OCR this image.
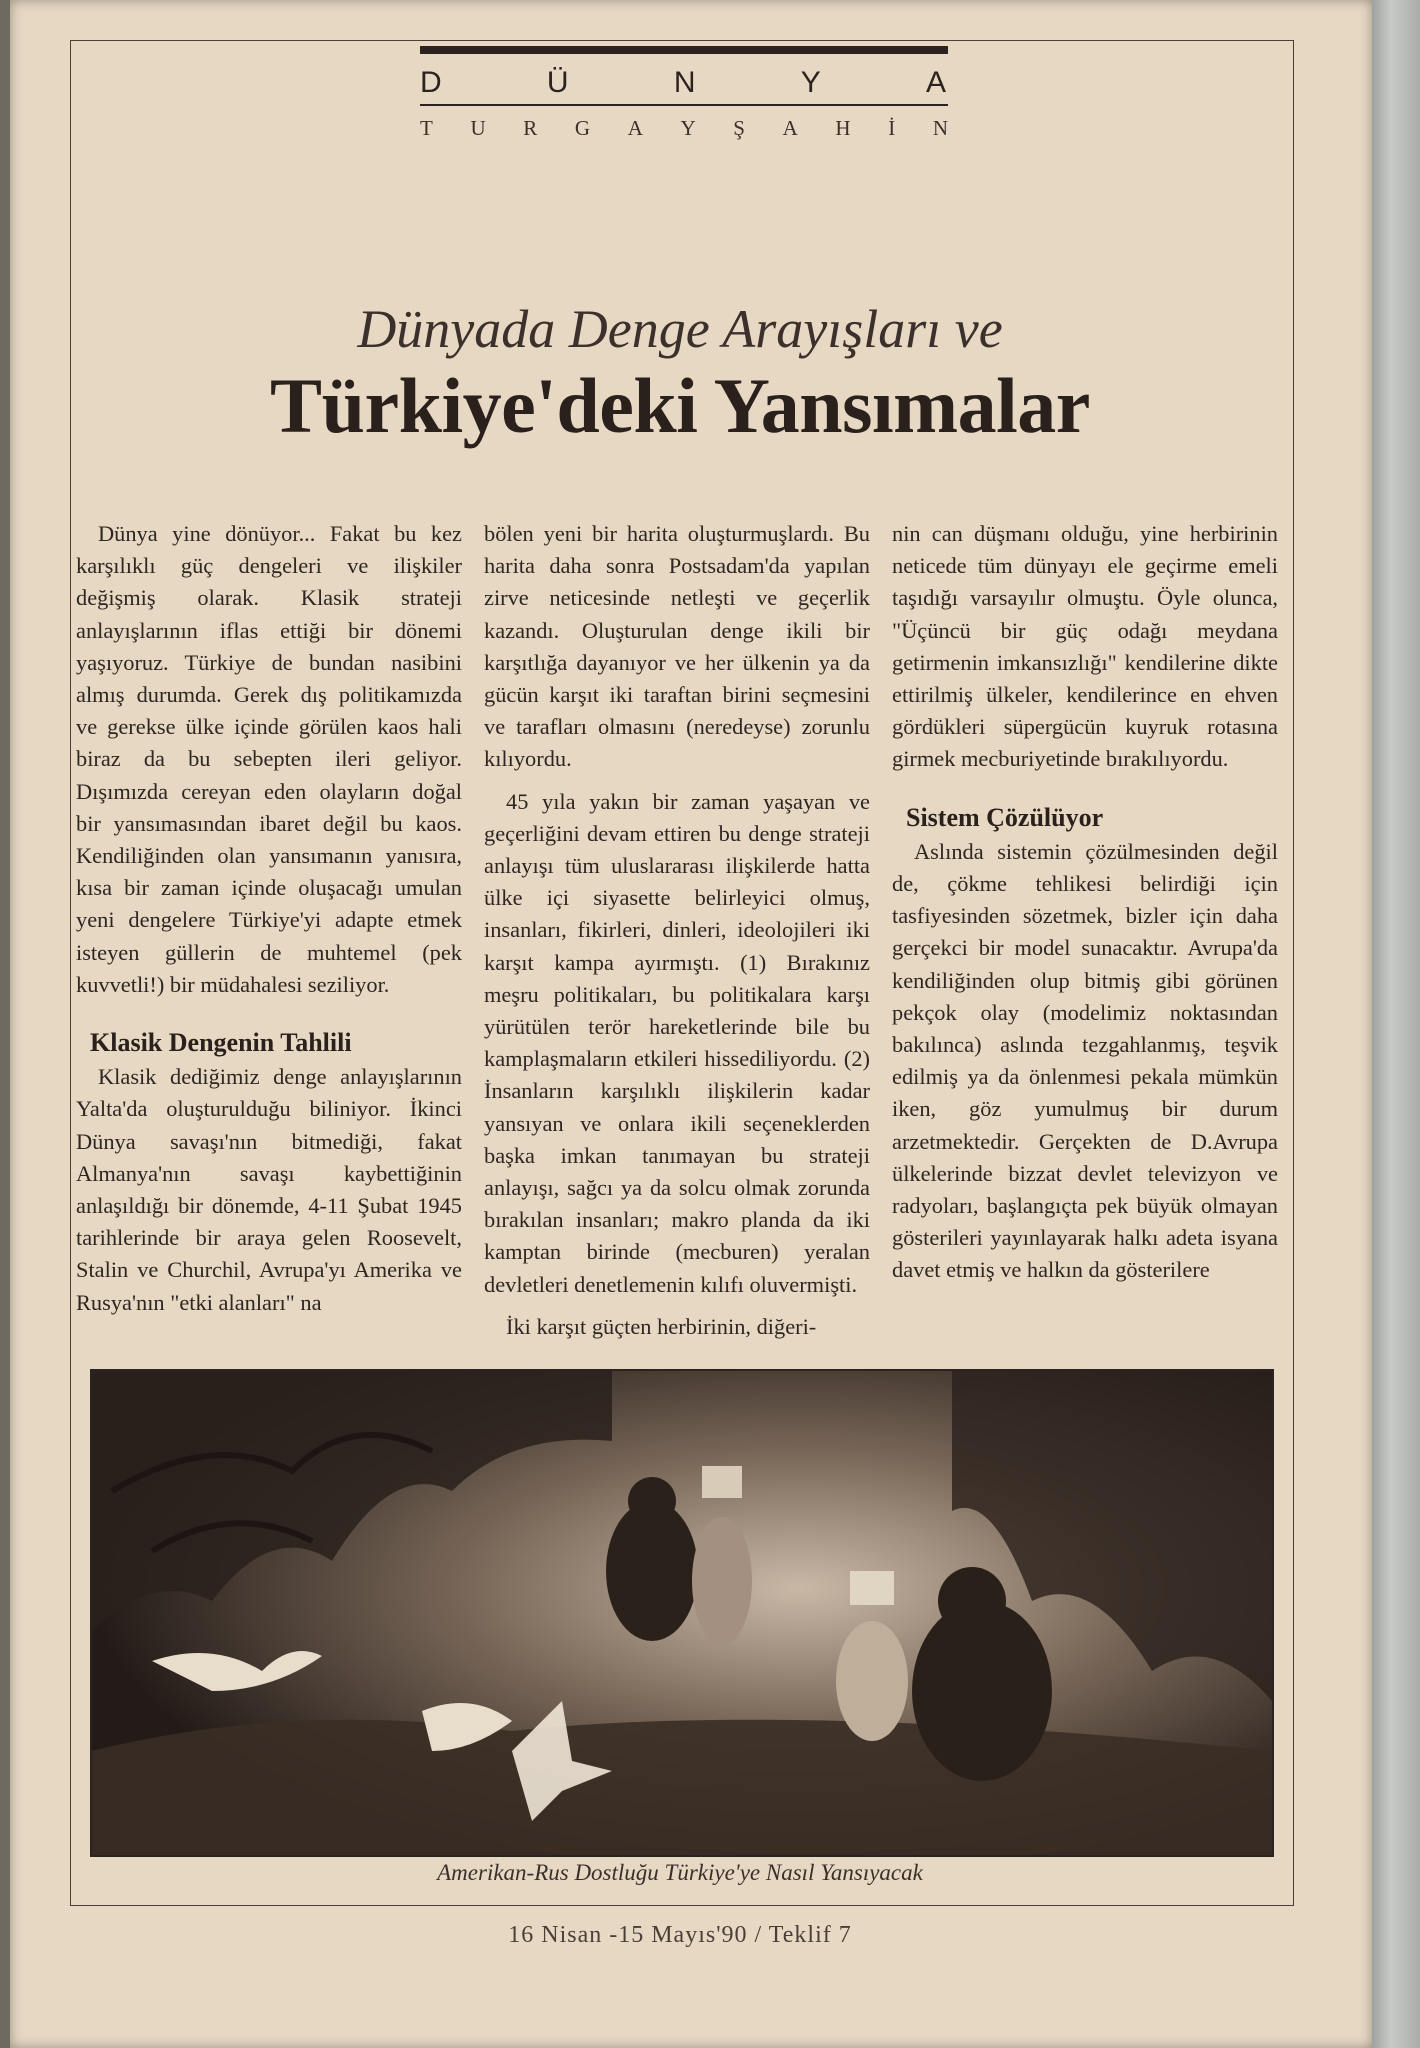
D	Ü	N	Y	A
T U R G A Y Ş A H İ N
Dünyada Denge Arayışları ve
Türkiye'deki Yansımalar

Dünya yine dönüyor... Fakat bu kez karşılıklı güç dengeleri ve ilişkiler değişmiş olarak. Klasik strateji anlayışlarının iflas ettiği bir dönemi yaşıyoruz. Türkiye de bundan nasibini almış durumda. Gerek dış politikamızda ve gerekse ülke içinde görülen kaos hali biraz da bu sebepten ileri geliyor. Dışımızda cereyan eden olayların doğal bir yansımasından ibaret değil bu kaos. Kendiliğinden olan yansımanın yanısıra, kısa bir zaman içinde oluşacağı umulan yeni dengelere Türkiye'yi adapte etmek isteyen güllerin de muhtemel (pek kuvvetli!) bir müdahalesi seziliyor.

Klasik Dengenin Tahlili

Klasik dediğimiz denge anlayışlarının Yalta'da oluşturulduğu biliniyor. İkinci Dünya savaşı'nın bitmediği, fakat Almanya'nın savaşı kaybettiğinin anlaşıldığı bir dönemde, 4-11 Şubat 1945 tarihlerinde bir araya gelen Roosevelt, Stalin ve Churchil, Avrupa'yı Amerika ve Rusya'nın "etki alanları" na

bölen yeni bir harita oluşturmuşlardı. Bu harita daha sonra Postsadam'da yapılan zirve neticesinde netleşti ve geçerlik kazandı. Oluşturulan denge ikili bir karşıtlığa dayanıyor ve her ülkenin ya da gücün karşıt iki taraftan birini seçmesini ve tarafları olmasını (neredeyse) zorunlu kılıyordu.

45 yıla yakın bir zaman yaşayan ve geçerliğini devam ettiren bu denge strateji anlayışı tüm uluslararası ilişkilerde hatta ülke içi siyasette belirleyici olmuş, insanları, fikirleri, dinleri, ideolojileri iki karşıt kampa ayırmıştı. (1) Bırakınız meşru politikaları, bu politikalara karşı yürütülen terör hareketlerinde bile bu kamplaşmaların etkileri hissediliyordu. (2) İnsanların karşılıklı ilişkilerin kadar yansıyan ve onlara ikili seçeneklerden başka imkan tanımayan bu strateji anlayışı, sağcı ya da solcu olmak zorunda bırakılan insanları; makro planda da iki kamptan birinde (mecburen) yeralan devletleri denetlemenin kılıfı oluvermişti.

İki karşıt güçten herbirinin, diğeri-

nin can düşmanı olduğu, yine herbirinin neticede tüm dünyayı ele geçirme emeli taşıdığı varsayılır olmuştu. Öyle olunca, "Üçüncü bir güç odağı meydana getirmenin imkansızlığı" kendilerine dikte ettirilmiş ülkeler, kendilerince en ehven gördükleri süpergücün kuyruk rotasına girmek mecburiyetinde bırakılıyordu.

Sistem Çözülüyor

Aslında sistemin çözülmesinden değil de, çökme tehlikesi belirdiği için tasfiyesinden sözetmek, bizler için daha gerçekci bir model sunacaktır. Avrupa'da kendiliğinden olup bitmiş gibi görünen pekçok olay (modelimiz noktasından bakılınca) aslında tezgahlanmış, teşvik edilmiş ya da önlenmesi pekala mümkün iken, göz yumulmuş bir durum arzetmektedir. Gerçekten de D.Avrupa ülkelerinde bizzat devlet televizyon ve radyoları, başlangıçta pek büyük olmayan gösterileri yayınlayarak halkı adeta isyana davet etmiş ve halkın da gösterilere

Amerikan-Rus Dostluğu Türkiye'ye Nasıl Yansıyacak
16 Nisan -15 Mayıs'90 / Teklif 7
